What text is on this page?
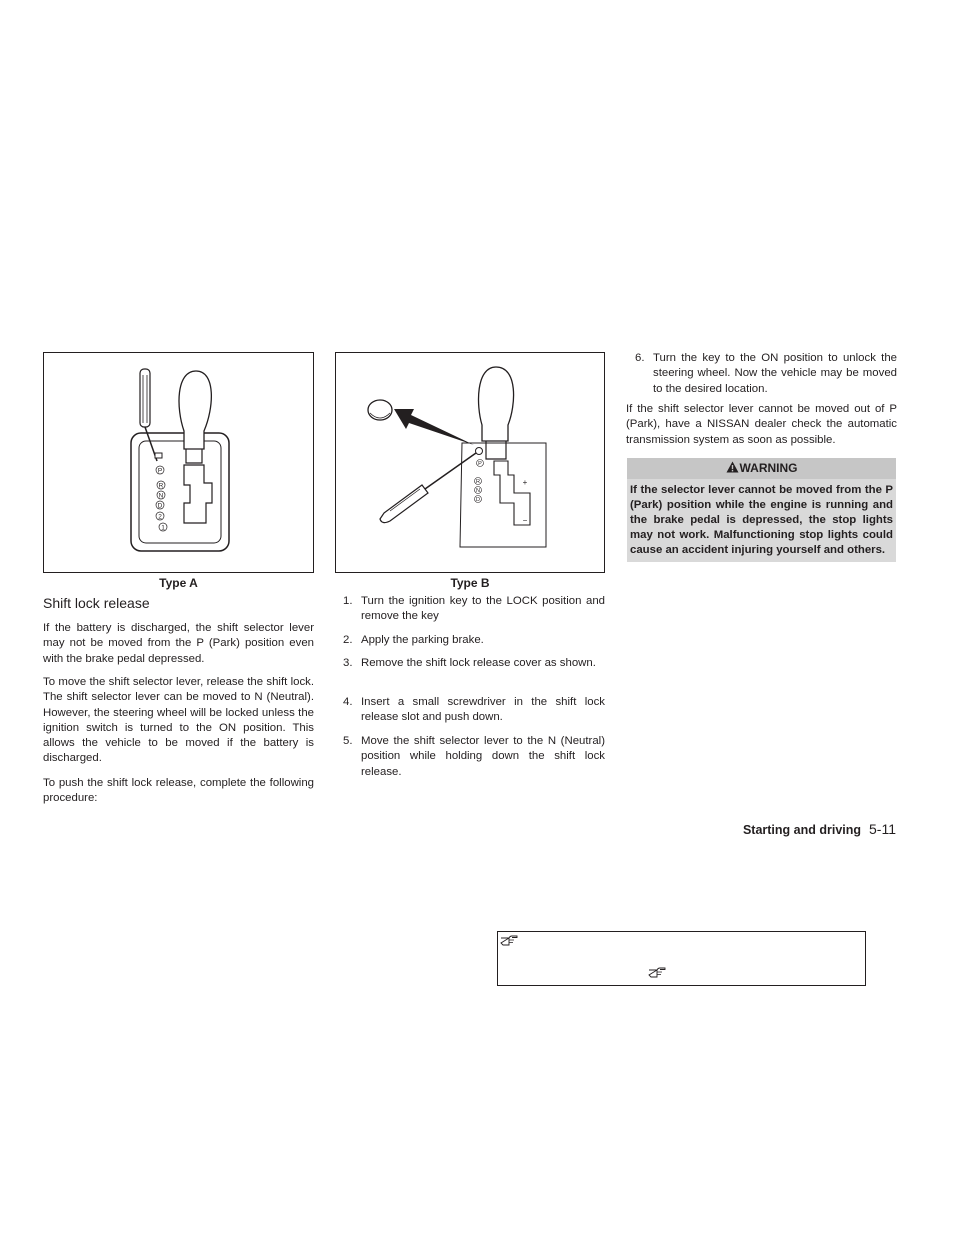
P
R
N
D
2
1
Type A
P
R
N
D
+
−
Type B
Shift lock release

If the battery is discharged, the shift selector lever may not be moved from the P (Park) position even with the brake pedal depressed.

To move the shift selector lever, release the shift lock. The shift selector lever can be moved to N (Neutral). However, the steering wheel will be locked unless the ignition switch is turned to the ON position. This allows the vehicle to be moved if the battery is discharged.

To push the shift lock release, complete the following procedure:

1. Turn the ignition key to the LOCK position and remove the key
2. Apply the parking brake.
3. Remove the shift lock release cover as shown.
4. Insert a small screwdriver in the shift lock release slot and push down.
5. Move the shift selector lever to the N (Neutral) position while holding down the shift lock release.
6. Turn the key to the ON position to unlock the steering wheel. Now the vehicle may be moved to the desired location.

If the shift selector lever cannot be moved out of P (Park), have a NISSAN dealer check the automatic transmission system as soon as possible.

WARNING
If the selector lever cannot be moved from the P (Park) position while the engine is running and the brake pedal is depressed, the stop lights may not work. Malfunctioning stop lights could cause an accident injuring yourself and others.
Starting and driving 5-11
